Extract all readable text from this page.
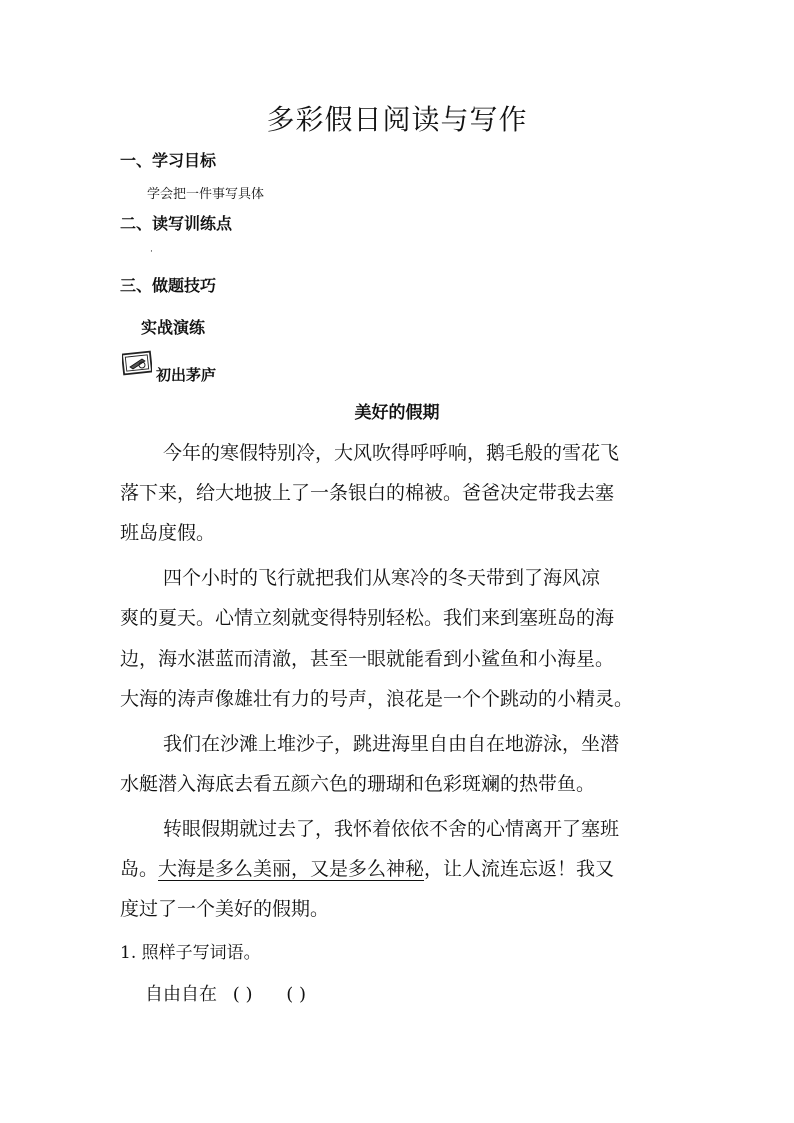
多彩假日阅读与写作
一、学习目标
学会把一件事写具体
二、读写训练点
·
三、做题技巧
实战演练
初出茅庐
美好的假期
今年的寒假特别冷，大风吹得呼呼响，鹅毛般的雪花飞
落下来，给大地披上了一条银白的棉被。爸爸决定带我去塞
班岛度假。
四个小时的飞行就把我们从寒冷的冬天带到了海风凉
爽的夏天。心情立刻就变得特别轻松。我们来到塞班岛的海
边，海水湛蓝而清澈，甚至一眼就能看到小鲨鱼和小海星。
大海的涛声像雄壮有力的号声，浪花是一个个跳动的小精灵。
我们在沙滩上堆沙子，跳进海里自由自在地游泳，坐潜
水艇潜入海底去看五颜六色的珊瑚和色彩斑斓的热带鱼。
转眼假期就过去了，我怀着依依不舍的心情离开了塞班
岛。大海是多么美丽，又是多么神秘，让人流连忘返！我又
度过了一个美好的假期。
1. 照样子写词语。
自由自在 ( ) ( )
